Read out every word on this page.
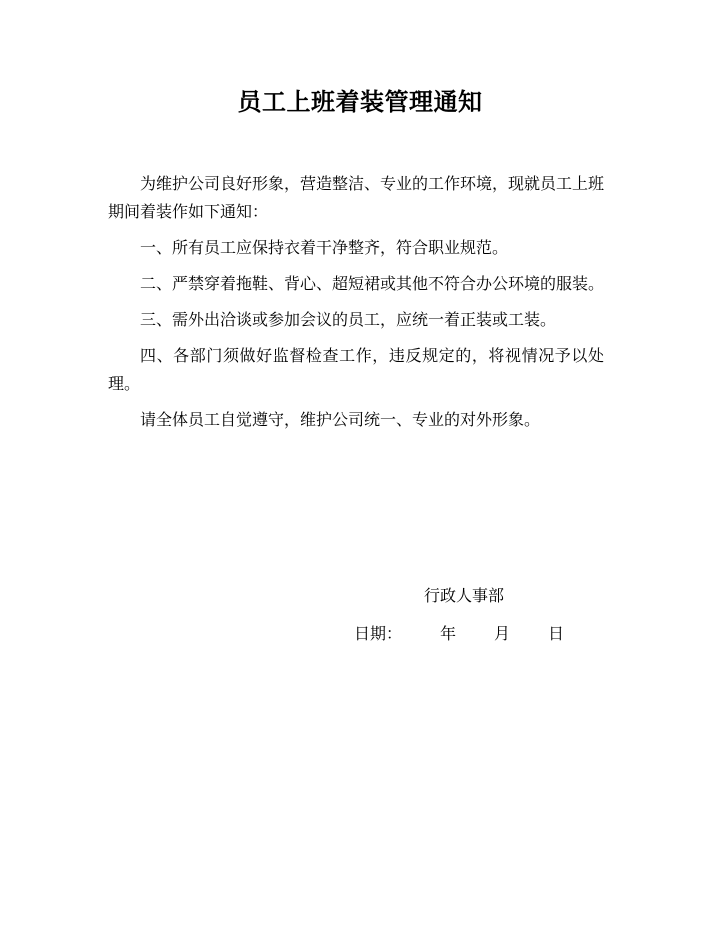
员工上班着装管理通知

为维护公司良好形象，营造整洁、专业的工作环境，现就员工上班期间着装作如下通知：

一、所有员工应保持衣着干净整齐，符合职业规范。

二、严禁穿着拖鞋、背心、超短裙或其他不符合办公环境的服装。

三、需外出洽谈或参加会议的员工，应统一着正装或工装。

四、各部门须做好监督检查工作，违反规定的，将视情况予以处理。

请全体员工自觉遵守，维护公司统一、专业的对外形象。

行政人事部
日期： 年 月 日
